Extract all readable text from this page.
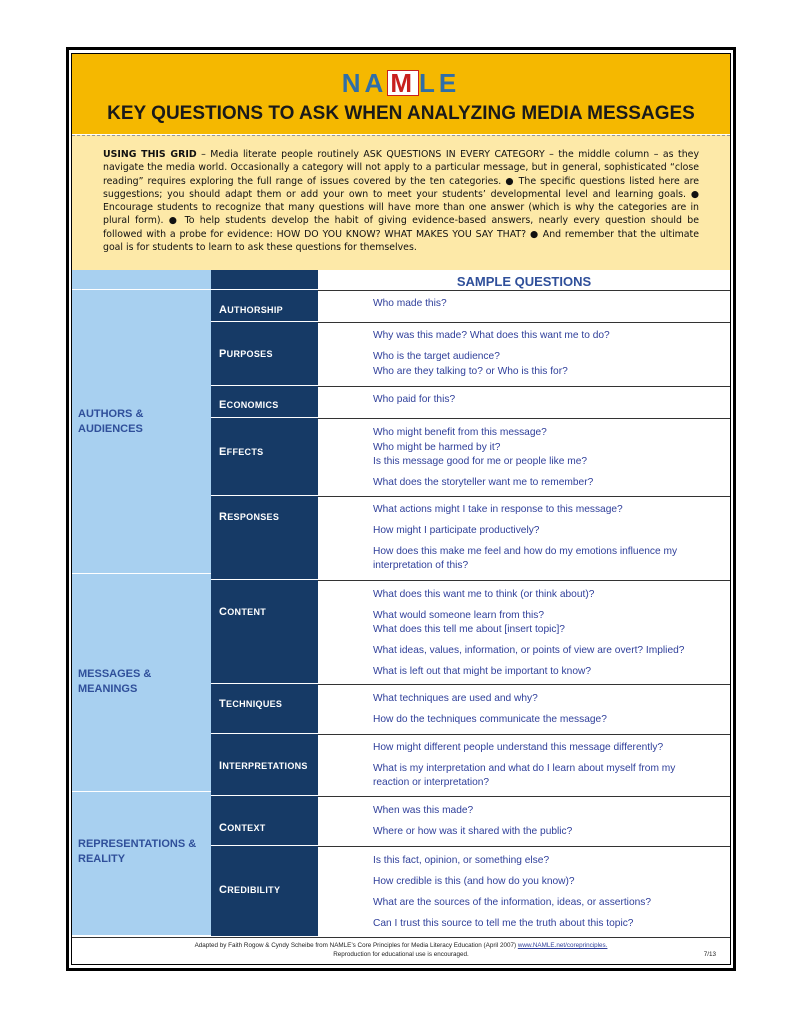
NA M LE
KEY QUESTIONS TO ASK WHEN ANALYZING MEDIA MESSAGES

USING THIS GRID – Media literate people routinely ASK QUESTIONS IN EVERY CATEGORY – the middle column – as they navigate the media world. Occasionally a category will not apply to a particular message, but in general, sophisticated “close reading” requires exploring the full range of issues covered by the ten categories. ● The specific questions listed here are suggestions; you should adapt them or add your own to meet your students’ developmental level and learning goals. ● Encourage students to recognize that many questions will have more than one answer (which is why the categories are in plural form). ● To help students develop the habit of giving evidence-based answers, nearly every question should be followed with a probe for evidence: HOW DO YOU KNOW? WHAT MAKES YOU SAY THAT? ● And remember that the ultimate goal is for students to learn to ask these questions for themselves.

AUTHORS &
AUDIENCES
MESSAGES &
MEANINGS
REPRESENTATIONS &
REALITY
AUTHORSHIP
PURPOSES
ECONOMICS
EFFECTS
RESPONSES
CONTENT
TECHNIQUES
INTERPRETATIONS
CONTEXT
CREDIBILITY
SAMPLE QUESTIONS
Who made this?
Why was this made? What does this want me to do?
Who is the target audience?
Who are they talking to? or Who is this for?
Who paid for this?
Who might benefit from this message?
Who might be harmed by it?
Is this message good for me or people like me?
What does the storyteller want me to remember?
What actions might I take in response to this message?
How might I participate productively?
How does this make me feel and how do my emotions influence my
interpretation of this?
What does this want me to think (or think about)?
What would someone learn from this?
What does this tell me about [insert topic]?
What ideas, values, information, or points of view are overt? Implied?
What is left out that might be important to know?
What techniques are used and why?
How do the techniques communicate the message?
How might different people understand this message differently?
What is my interpretation and what do I learn about myself from my
reaction or interpretation?
When was this made?
Where or how was it shared with the public?
Is this fact, opinion, or something else?
How credible is this (and how do you know)?
What are the sources of the information, ideas, or assertions?
Can I trust this source to tell me the truth about this topic?
Adapted by Faith Rogow & Cyndy Scheibe from NAMLE’s Core Principles for Media Literacy Education (April 2007) www.NAMLE.net/coreprinciples.
Reproduction for educational use is encouraged.	7/13
